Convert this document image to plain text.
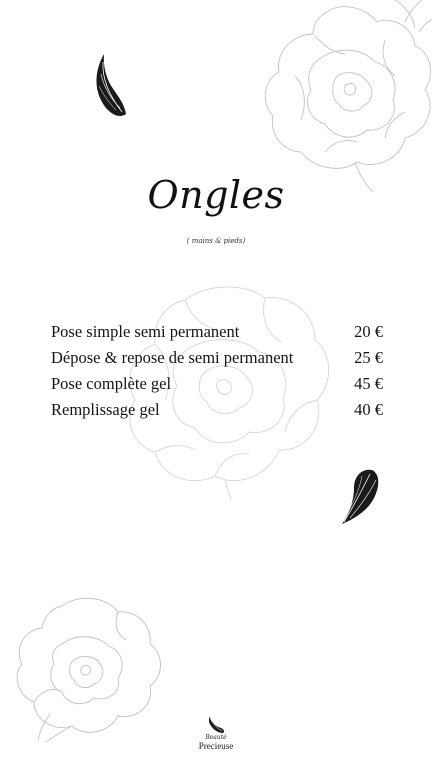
Ongles
( mains & pieds)
Pose simple semi permanent	20 €
Dépose & repose de semi permanent	25 €
Pose complète gel	45 €
Remplissage gel	40 €
Beauté
Precieuse
